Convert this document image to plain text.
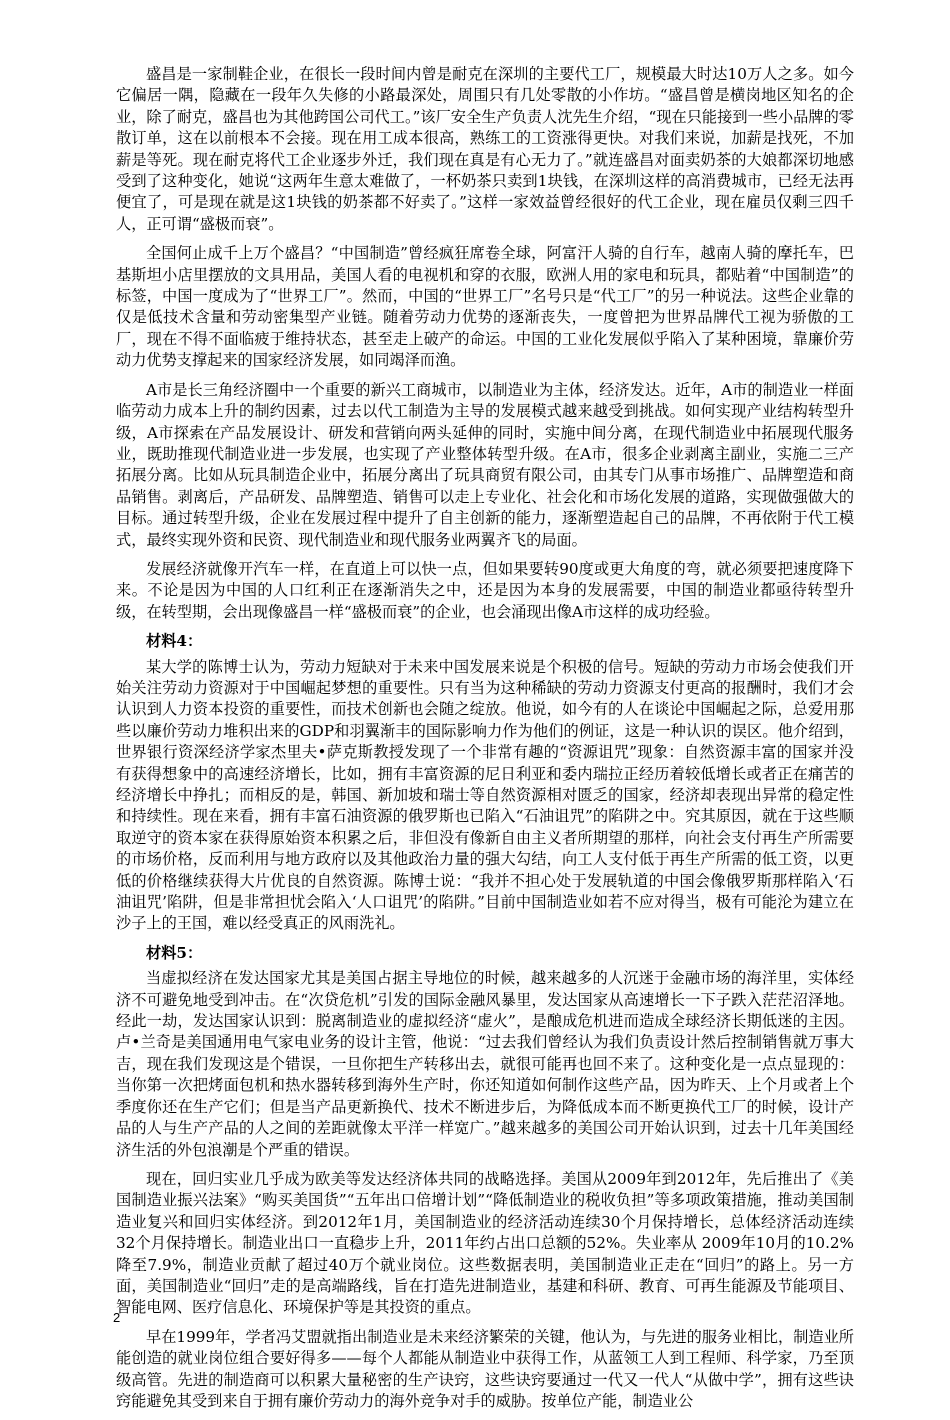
盛昌是一家制鞋企业，在很长一段时间内曾是耐克在深圳的主要代工厂，规模最大时达10万人之多。如今它偏居一隅，隐藏在一段年久失修的小路最深处，周围只有几处零散的小作坊。“盛昌曾是横岗地区知名的企业，除了耐克，盛昌也为其他跨国公司代工。”该厂安全生产负责人沈先生介绍，“现在只能接到一些小品牌的零散订单，这在以前根本不会接。现在用工成本很高，熟练工的工资涨得更快。对我们来说，加薪是找死，不加薪是等死。现在耐克将代工企业逐步外迁，我们现在真是有心无力了。”就连盛昌对面卖奶茶的大娘都深切地感受到了这种变化，她说“这两年生意太难做了，一杯奶茶只卖到1块钱，在深圳这样的高消费城市，已经无法再便宜了，可是现在就是这1块钱的奶茶都不好卖了。”这样一家效益曾经很好的代工企业，现在雇员仅剩三四千人，正可谓“盛极而衰”。

全国何止成千上万个盛昌？“中国制造”曾经疯狂席卷全球，阿富汗人骑的自行车，越南人骑的摩托车，巴基斯坦小店里摆放的文具用品，美国人看的电视机和穿的衣服，欧洲人用的家电和玩具，都贴着“中国制造”的标签，中国一度成为了“世界工厂”。然而，中国的“世界工厂”名号只是“代工厂”的另一种说法。这些企业靠的仅是低技术含量和劳动密集型产业链。随着劳动力优势的逐渐丧失，一度曾把为世界品牌代工视为骄傲的工厂，现在不得不面临疲于维持状态，甚至走上破产的命运。中国的工业化发展似乎陷入了某种困境，靠廉价劳动力优势支撑起来的国家经济发展，如同竭泽而渔。

A市是长三角经济圈中一个重要的新兴工商城市，以制造业为主体，经济发达。近年，A市的制造业一样面临劳动力成本上升的制约因素，过去以代工制造为主导的发展模式越来越受到挑战。如何实现产业结构转型升级，A市探索在产品发展设计、研发和营销向两头延伸的同时，实施中间分离，在现代制造业中拓展现代服务业，既助推现代制造业进一步发展，也实现了产业整体转型升级。在A市，很多企业剥离主副业，实施二三产拓展分离。比如从玩具制造企业中，拓展分离出了玩具商贸有限公司，由其专门从事市场推广、品牌塑造和商品销售。剥离后，产品研发、品牌塑造、销售可以走上专业化、社会化和市场化发展的道路，实现做强做大的目标。通过转型升级，企业在发展过程中提升了自主创新的能力，逐渐塑造起自己的品牌，不再依附于代工模式，最终实现外资和民资、现代制造业和现代服务业两翼齐飞的局面。

发展经济就像开汽车一样，在直道上可以快一点，但如果要转90度或更大角度的弯，就必须要把速度降下来。不论是因为中国的人口红利正在逐渐消失之中，还是因为本身的发展需要，中国的制造业都亟待转型升级，在转型期，会出现像盛昌一样“盛极而衰”的企业，也会涌现出像A市这样的成功经验。

材料4：

某大学的陈博士认为，劳动力短缺对于未来中国发展来说是个积极的信号。短缺的劳动力市场会使我们开始关注劳动力资源对于中国崛起梦想的重要性。只有当为这种稀缺的劳动力资源支付更高的报酬时，我们才会认识到人力资本投资的重要性，而技术创新也会随之绽放。他说，如今有的人在谈论中国崛起之际，总爱用那些以廉价劳动力堆积出来的GDP和羽翼渐丰的国际影响力作为他们的例证，这是一种认识的误区。他介绍到，世界银行资深经济学家杰里夫•萨克斯教授发现了一个非常有趣的“资源诅咒”现象：自然资源丰富的国家并没有获得想象中的高速经济增长，比如，拥有丰富资源的尼日利亚和委内瑞拉正经历着较低增长或者正在痛苦的经济增长中挣扎；而相反的是，韩国、新加坡和瑞士等自然资源相对匮乏的国家，经济却表现出异常的稳定性和持续性。现在来看，拥有丰富石油资源的俄罗斯也已陷入“石油诅咒”的陷阱之中。究其原因，就在于这些顺取逆守的资本家在获得原始资本积累之后，非但没有像新自由主义者所期望的那样，向社会支付再生产所需要的市场价格，反而利用与地方政府以及其他政治力量的强大勾结，向工人支付低于再生产所需的低工资，以更低的价格继续获得大片优良的自然资源。陈博士说：“我并不担心处于发展轨道的中国会像俄罗斯那样陷入‘石油诅咒’陷阱，但是非常担忧会陷入‘人口诅咒’的陷阱。”目前中国制造业如若不应对得当，极有可能沦为建立在沙子上的王国，难以经受真正的风雨洗礼。

材料5：

当虚拟经济在发达国家尤其是美国占据主导地位的时候，越来越多的人沉迷于金融市场的海洋里，实体经济不可避免地受到冲击。在“次贷危机”引发的国际金融风暴里，发达国家从高速增长一下子跌入茫茫沼泽地。经此一劫，发达国家认识到：脱离制造业的虚拟经济“虚火”，是酿成危机进而造成全球经济长期低迷的主因。卢•兰奇是美国通用电气家电业务的设计主管，他说：“过去我们曾经认为我们负责设计然后控制销售就万事大吉，现在我们发现这是个错误，一旦你把生产转移出去，就很可能再也回不来了。这种变化是一点点显现的：当你第一次把烤面包机和热水器转移到海外生产时，你还知道如何制作这些产品，因为昨天、上个月或者上个季度你还在生产它们；但是当产品更新换代、技术不断进步后，为降低成本而不断更换代工厂的时候，设计产品的人与生产产品的人之间的差距就像太平洋一样宽广。”越来越多的美国公司开始认识到，过去十几年美国经济生活的外包浪潮是个严重的错误。

现在，回归实业几乎成为欧美等发达经济体共同的战略选择。美国从2009年到2012年，先后推出了《美国制造业振兴法案》“购买美国货”“五年出口倍增计划”“降低制造业的税收负担”等多项政策措施，推动美国制造业复兴和回归实体经济。到2012年1月，美国制造业的经济活动连续30个月保持增长，总体经济活动连续32个月保持增长。制造业出口一直稳步上升，2011年约占出口总额的52%。失业率从 2009年10月的10.2%降至7.9%，制造业贡献了超过40万个就业岗位。这些数据表明，美国制造业正走在“回归”的路上。另一方面，美国制造业“回归”走的是高端路线，旨在打造先进制造业，基建和科研、教育、可再生能源及节能项目、智能电网、医疗信息化、环境保护等是其投资的重点。

早在1999年，学者冯艾盟就指出制造业是未来经济繁荣的关键，他认为，与先进的服务业相比，制造业所能创造的就业岗位组合要好得多——每个人都能从制造业中获得工作，从蓝领工人到工程师、科学家，乃至顶级高管。先进的制造商可以积累大量秘密的生产诀窍，这些诀窍要通过一代又一代人“从做中学”，拥有这些诀窍能避免其受到来自于拥有廉价劳动力的海外竞争对手的威胁。按单位产能，制造业公

2
